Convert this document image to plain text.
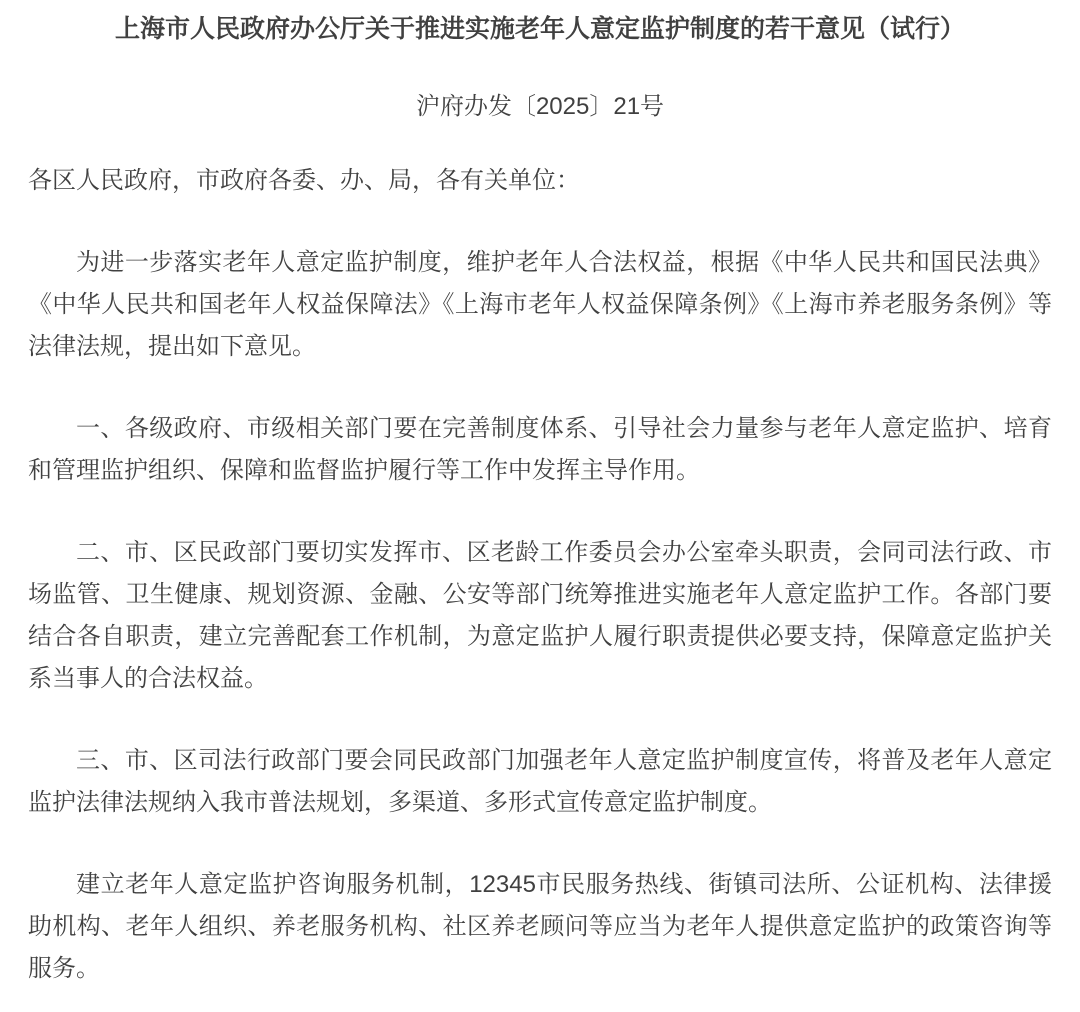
上海市人民政府办公厅关于推进实施老年人意定监护制度的若干意见（试行）
沪府办发〔2025〕21号
各区人民政府，市政府各委、办、局，各有关单位：

为进一步落实老年人意定监护制度，维护老年人合法权益，根据《中华人民共和国民法典》《中华人民共和国老年人权益保障法》《上海市老年人权益保障条例》《上海市养老服务条例》等法律法规，提出如下意见。

一、各级政府、市级相关部门要在完善制度体系、引导社会力量参与老年人意定监护、培育和管理监护组织、保障和监督监护履行等工作中发挥主导作用。

二、市、区民政部门要切实发挥市、区老龄工作委员会办公室牵头职责，会同司法行政、市场监管、卫生健康、规划资源、金融、公安等部门统筹推进实施老年人意定监护工作。各部门要结合各自职责，建立完善配套工作机制，为意定监护人履行职责提供必要支持，保障意定监护关系当事人的合法权益。

三、市、区司法行政部门要会同民政部门加强老年人意定监护制度宣传，将普及老年人意定监护法律法规纳入我市普法规划，多渠道、多形式宣传意定监护制度。

建立老年人意定监护咨询服务机制，12345市民服务热线、街镇司法所、公证机构、法律援助机构、老年人组织、养老服务机构、社区养老顾问等应当为老年人提供意定监护的政策咨询等服务。
